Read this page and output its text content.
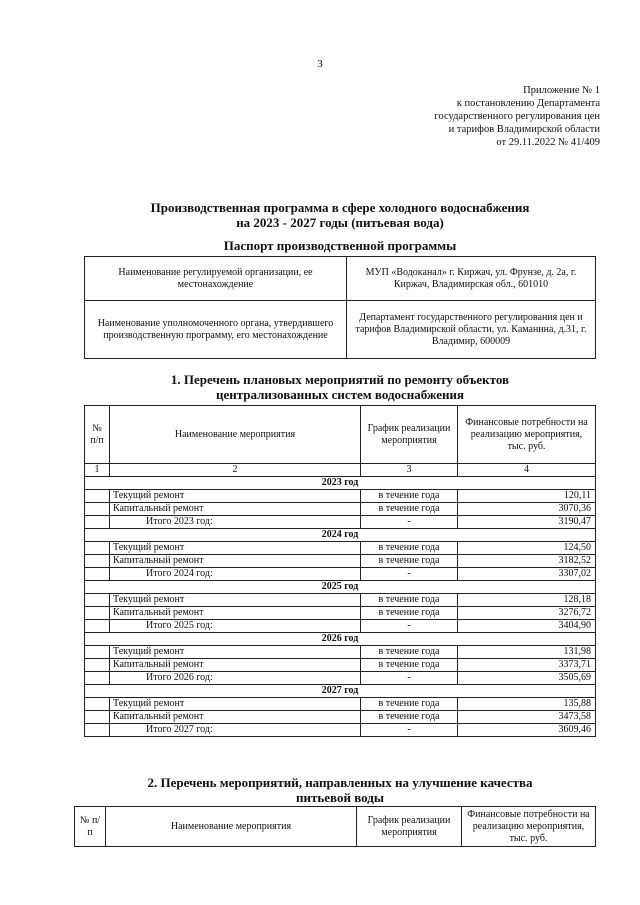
3
Приложение № 1
к постановлению Департамента
государственного регулирования цен
и тарифов Владимирской области
от 29.11.2022 № 41/409
Производственная программа в сфере холодного водоснабжения
на 2023 - 2027 годы (питьевая вода)
Паспорт производственной программы
Наименование регулируемой организации, ее местонахождение	МУП «Водоканал» г. Киржач, ул. Фрунзе, д. 2а, г. Киржач, Владимирская обл., 601010
Наименование уполномоченного органа, утвердившего производственную программу, его местонахождение	Департамент государственного регулирования цен и тарифов Владимирской области, ул. Каманина, д.31, г. Владимир, 600009
1. Перечень плановых мероприятий по ремонту объектов
централизованных систем водоснабжения
№ п/п	Наименование мероприятия	График реализации мероприятия	Финансовые потребности на реализацию мероприятия, тыс. руб.
1	2	3	4
2023 год			
	Текущий ремонт	в течение года	120,11
	Капитальный ремонт	в течение года	3070,36
	Итого 2023 год:	-	3190,47
2024 год			
	Текущий ремонт	в течение года	124,50
	Капитальный ремонт	в течение года	3182,52
	Итого 2024 год:	-	3307,02
2025 год			
	Текущий ремонт	в течение года	128,18
	Капитальный ремонт	в течение года	3276,72
	Итого 2025 год:	-	3404,90
2026 год			
	Текущий ремонт	в течение года	131,98
	Капитальный ремонт	в течение года	3373,71
	Итого 2026 год:	-	3505,69
2027 год			
	Текущий ремонт	в течение года	135,88
	Капитальный ремонт	в течение года	3473,58
	Итого 2027 год:	-	3609,46
2. Перечень мероприятий, направленных на улучшение качества
питьевой воды
№ п/п	Наименование мероприятия	График реализации мероприятия	Финансовые потребности на реализацию мероприятия, тыс. руб.
